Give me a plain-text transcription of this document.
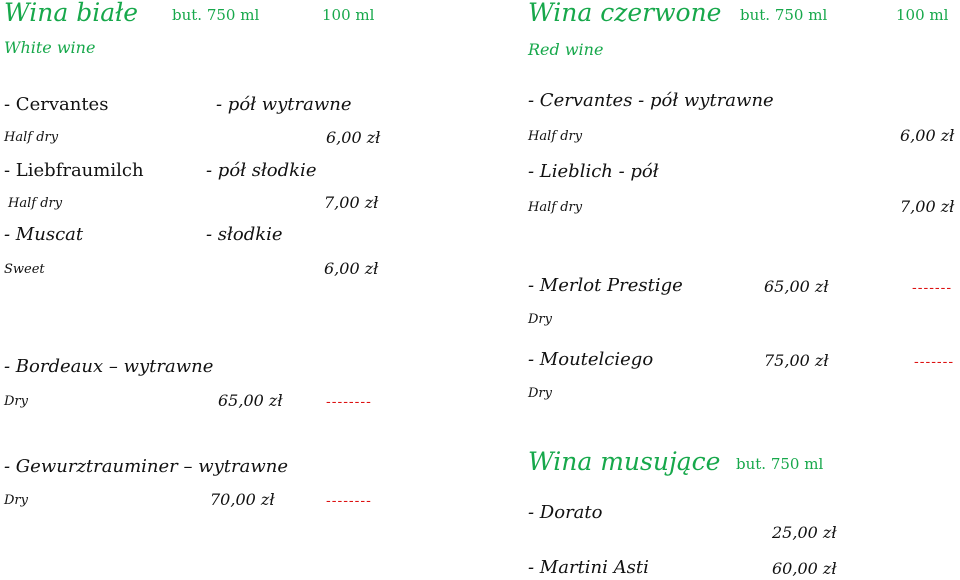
Wina białe but. 750 ml	100 ml
White wine
- Cervantes	- pół wytrawne
Half dry	6,00 zł
- Liebfraumilch	- pół słodkie
Half dry	7,00 zł
- Muscat	- słodkie
Sweet	6,00 zł
- Bordeaux – wytrawne
Dry	65,00 zł	--------
- Gewurztrauminer – wytrawne
Dry	70,00 zł	--------
Wina czerwone but. 750 ml	100 ml
Red wine
- Cervantes - pół wytrawne
Half dry	6,00 zł
- Lieblich - pół
Half dry	7,00 zł
- Merlot Prestige	65,00 zł	-------
Dry
- Moutelciego	75,00 zł	-------
Dry
Wina musujące but. 750 ml
- Dorato
25,00 zł
- Martini Asti	60,00 zł
